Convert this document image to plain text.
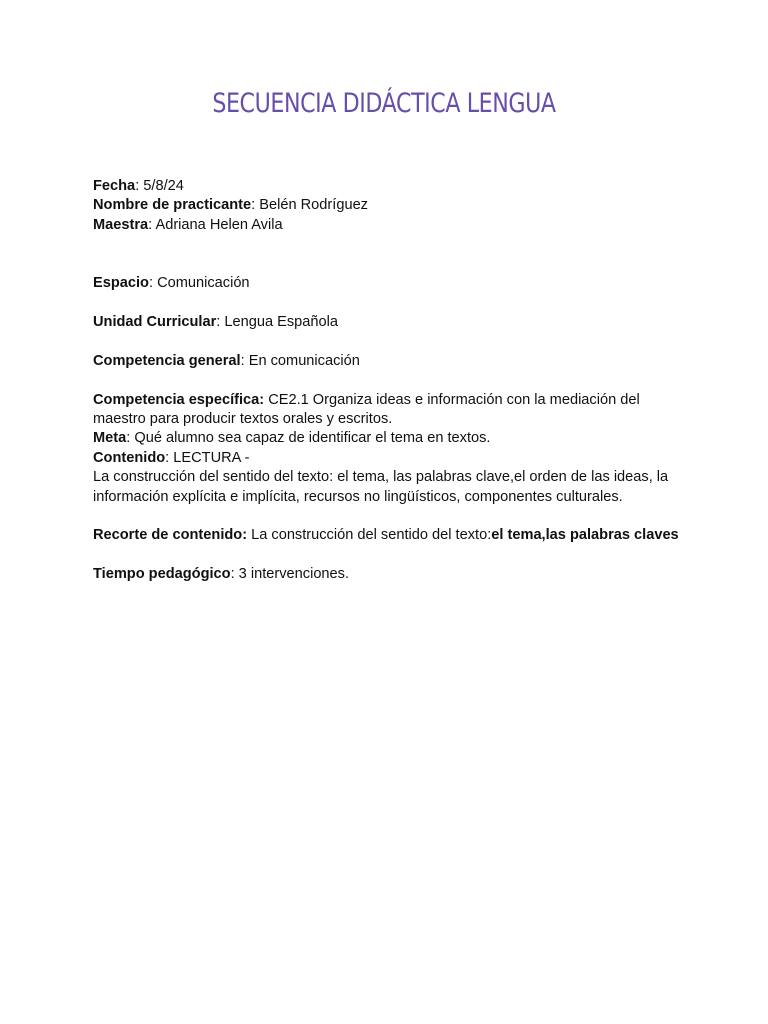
SECUENCIA DIDÁCTICA LENGUA

Fecha: 5/8/24

Nombre de practicante: Belén Rodríguez

Maestra: Adriana Helen Avila

Espacio: Comunicación

Unidad Curricular: Lengua Española

Competencia general: En comunicación

Competencia específica: CE2.1 Organiza ideas e información con la mediación del maestro para producir textos orales y escritos.

Meta: Qué alumno sea capaz de identificar el tema en textos.

Contenido: LECTURA -

La construcción del sentido del texto: el tema, las palabras clave,el orden de las ideas, la información explícita e implícita, recursos no lingüísticos, componentes culturales.

Recorte de contenido: La construcción del sentido del texto:el tema,las palabras claves

Tiempo pedagógico: 3 intervenciones.
